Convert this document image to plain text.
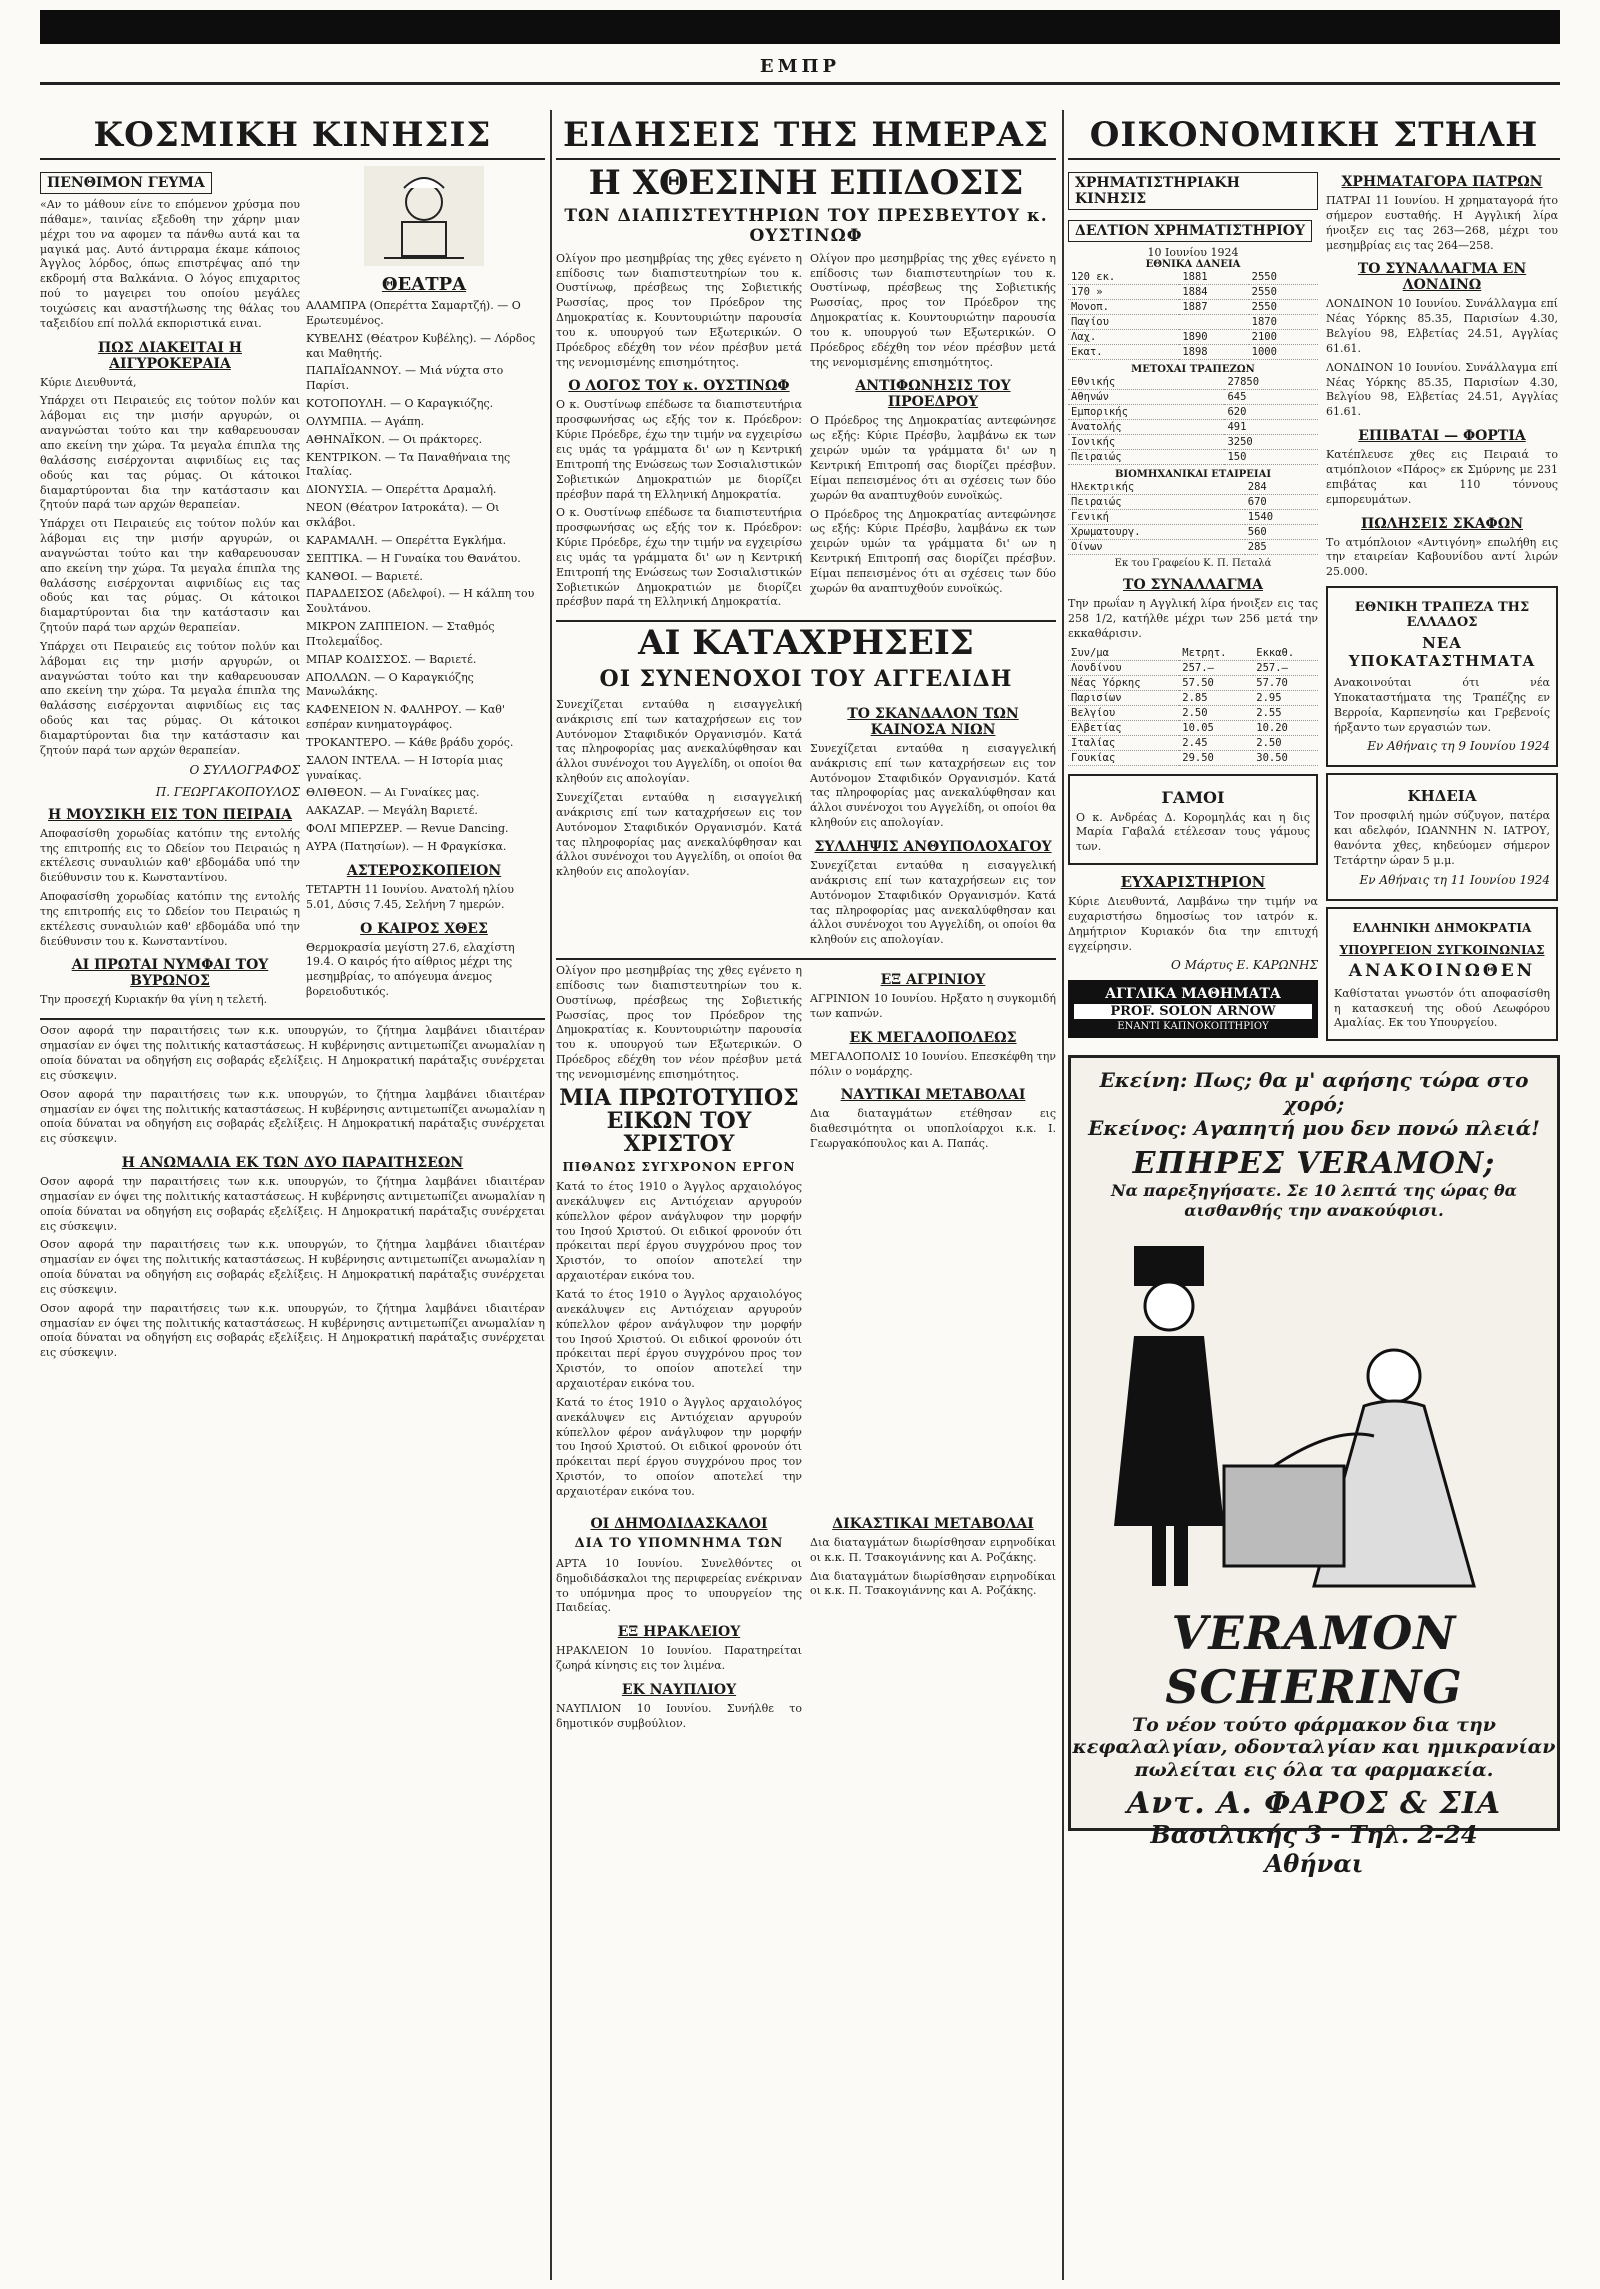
ΕΜΠΡ
ΚΟΣΜΙΚΗ ΚΙΝΗΣΙΣ
ΠΕΝΘΙΜΟΝ ΓΕΥΜΑ

«Αν το μάθουν είνε το επόμενον χρύσμα που πάθαμε», ταινίας εξεδοθη την χάρην μιαν μέχρι του να αφομεν τα πάνθω αυτά και τα μαγικά μας. Αυτό άντιρραμα έκαμε κάποιος Άγγλος λόρδος, όπως επιστρέψας από την εκδρομή στα Βαλκάνια. Ο λόγος επιχαριτος πού το μαγειρει του οποίου μεγάλες τοιχώσεις και αναστήλωσης της θάλας του ταξειδίου επί πολλά εκποριστικά ειναι.

ΠΩΣ ΔΙΑΚΕΙΤΑΙ Η ΑΙΓΥΡΟΚΕΡΑΙΑ

Κύριε Διευθυντά,

Υπάρχει οτι Πειραιεύς εις τούτον πολύν και λάβομαι εις την μισήν αργυρών, οι αναγνώσται τούτο και την καθαρευουσαν απο εκείνη την χώρα. Τα μεγαλα έπιπλα της θαλάσσης εισέρχονται αιφνιδίως εις τας οδούς και τας ρύμας. Οι κάτοικοι διαμαρτύρονται δια την κατάστασιν και ζητούν παρά των αρχών θεραπείαν.

Υπάρχει οτι Πειραιεύς εις τούτον πολύν και λάβομαι εις την μισήν αργυρών, οι αναγνώσται τούτο και την καθαρευουσαν απο εκείνη την χώρα. Τα μεγαλα έπιπλα της θαλάσσης εισέρχονται αιφνιδίως εις τας οδούς και τας ρύμας. Οι κάτοικοι διαμαρτύρονται δια την κατάστασιν και ζητούν παρά των αρχών θεραπείαν.

Υπάρχει οτι Πειραιεύς εις τούτον πολύν και λάβομαι εις την μισήν αργυρών, οι αναγνώσται τούτο και την καθαρευουσαν απο εκείνη την χώρα. Τα μεγαλα έπιπλα της θαλάσσης εισέρχονται αιφνιδίως εις τας οδούς και τας ρύμας. Οι κάτοικοι διαμαρτύρονται δια την κατάστασιν και ζητούν παρά των αρχών θεραπείαν.

Ο ΣΥΛΛΟΓΡΑΦΟΣ
Π. ΓΕΩΡΓΑΚΟΠΟΥΛΟΣ
Η ΜΟΥΣΙΚΗ ΕΙΣ ΤΟΝ ΠΕΙΡΑΙΑ

Αποφασίσθη χορωδίας κατόπιν της εντολής της επιτροπής εις το Ωδείον του Πειραιώς η εκτέλεσις συναυλιών καθ' εβδομάδα υπό την διεύθυνσιν του κ. Κωνσταντίνου.

Αποφασίσθη χορωδίας κατόπιν της εντολής της επιτροπής εις το Ωδείον του Πειραιώς η εκτέλεσις συναυλιών καθ' εβδομάδα υπό την διεύθυνσιν του κ. Κωνσταντίνου.

ΑΙ ΠΡΩΤΑΙ ΝΥΜΦΑΙ ΤΟΥ ΒΥΡΩΝΟΣ

Την προσεχή Κυριακήν θα γίνη η τελετή.

ΘΕΑΤΡΑ

ΑΛΑΜΠΡΑ (Οπερέττα Σαμαρτζή). — Ο Ερωτευμένος.

ΚΥΒΕΛΗΣ (Θέατρον Κυβέλης). — Λόρδος και Μαθητής.

ΠΑΠΑΪΩΑΝΝΟΥ. — Μιά νύχτα στο Παρίσι.

ΚΟΤΟΠΟΥΛΗ. — Ο Καραγκιόζης.

ΟΛΥΜΠΙΑ. — Αγάπη.

ΑΘΗΝΑΪΚΟΝ. — Οι πράκτορες.

ΚΕΝΤΡΙΚΟΝ. — Τα Παναθήναια της Ιταλίας.

ΔΙΟΝΥΣΙΑ. — Οπερέττα Δραμαλή.

ΝΕΟΝ (Θέατρον Ιατροκάτα). — Οι σκλάβοι.

ΚΑΡΑΜΑΛΗ. — Οπερέττα Εγκλήμα.

ΣΕΠΤΙΚΑ. — Η Γυναίκα του Θανάτου.

ΚΑΝΘΟΙ. — Βαριετέ.

ΠΑΡΑΔΕΙΣΟΣ (Αδελφοί). — Η κάλπη του Σουλτάνου.

ΜΙΚΡΟΝ ΖΑΠΠΕΙΟΝ. — Σταθμός Πτολεμαΐδος.

ΜΠΑΡ ΚΟΔΙΣΣΟΣ. — Βαριετέ.

ΑΠΟΛΛΩΝ. — Ο Καραγκιόζης Μανωλάκης.

ΚΑΦΕΝΕΙΟΝ Ν. ΦΑΛΗΡΟΥ. — Καθ' εσπέραν κινηματογράφος.

ΤΡΟΚΑΝΤΕΡΟ. — Κάθε βράδυ χορός.

ΣΑΛΟΝ ΙΝΤΕΛΑ. — Η Ιστορία μιας γυναίκας.

ΘΛΙΘΕΟΝ. — Αι Γυναίκες μας.

ΑΑΚΑΖΑΡ. — Μεγάλη Βαριετέ.

ΦΟΛΙ ΜΠΕΡΖΕΡ. — Revue Dancing.

ΑΥΡΑ (Πατησίων). — Η Φραγκίσκα.

ΑΣΤΕΡΟΣΚΟΠΕΙΟΝ

ΤΕΤΑΡΤΗ 11 Ιουνίου. Ανατολή ηλίου 5.01, Δύσις 7.45, Σελήνη 7 ημερών.

Ο ΚΑΙΡΟΣ ΧΘΕΣ

Θερμοκρασία μεγίστη 27.6, ελαχίστη 19.4. Ο καιρός ήτο αίθριος μέχρι της μεσημβρίας, το απόγευμα άνεμος βορειοδυτικός.

Οσον αφορά την παραιτήσεις των κ.κ. υπουργών, το ζήτημα λαμβάνει ιδιαιτέραν σημασίαν εν όψει της πολιτικής καταστάσεως. Η κυβέρνησις αντιμετωπίζει ανωμαλίαν η οποία δύναται να οδηγήση εις σοβαράς εξελίξεις. Η Δημοκρατική παράταξις συνέρχεται εις σύσκεψιν.

Οσον αφορά την παραιτήσεις των κ.κ. υπουργών, το ζήτημα λαμβάνει ιδιαιτέραν σημασίαν εν όψει της πολιτικής καταστάσεως. Η κυβέρνησις αντιμετωπίζει ανωμαλίαν η οποία δύναται να οδηγήση εις σοβαράς εξελίξεις. Η Δημοκρατική παράταξις συνέρχεται εις σύσκεψιν.

Η ΑΝΩΜΑΛΙΑ ΕΚ ΤΩΝ ΔΥΟ ΠΑΡΑΙΤΗΣΕΩΝ

Οσον αφορά την παραιτήσεις των κ.κ. υπουργών, το ζήτημα λαμβάνει ιδιαιτέραν σημασίαν εν όψει της πολιτικής καταστάσεως. Η κυβέρνησις αντιμετωπίζει ανωμαλίαν η οποία δύναται να οδηγήση εις σοβαράς εξελίξεις. Η Δημοκρατική παράταξις συνέρχεται εις σύσκεψιν.

Οσον αφορά την παραιτήσεις των κ.κ. υπουργών, το ζήτημα λαμβάνει ιδιαιτέραν σημασίαν εν όψει της πολιτικής καταστάσεως. Η κυβέρνησις αντιμετωπίζει ανωμαλίαν η οποία δύναται να οδηγήση εις σοβαράς εξελίξεις. Η Δημοκρατική παράταξις συνέρχεται εις σύσκεψιν.

Οσον αφορά την παραιτήσεις των κ.κ. υπουργών, το ζήτημα λαμβάνει ιδιαιτέραν σημασίαν εν όψει της πολιτικής καταστάσεως. Η κυβέρνησις αντιμετωπίζει ανωμαλίαν η οποία δύναται να οδηγήση εις σοβαράς εξελίξεις. Η Δημοκρατική παράταξις συνέρχεται εις σύσκεψιν.

ΕΙΔΗΣΕΙΣ ΤΗΣ ΗΜΕΡΑΣ
Η ΧΘΕΣΙΝΗ ΕΠΙΔΟΣΙΣ
ΤΩΝ ΔΙΑΠΙΣΤΕΥΤΗΡΙΩΝ ΤΟΥ ΠΡΕΣΒΕΥΤΟΥ κ. ΟΥΣΤΙΝΩΦ

Ολίγον προ μεσημβρίας της χθες εγένετο η επίδοσις των διαπιστευτηρίων του κ. Ουστίνωφ, πρέσβεως της Σοβιετικής Ρωσσίας, προς τον Πρόεδρον της Δημοκρατίας κ. Κουντουριώτην παρουσία του κ. υπουργού των Εξωτερικών. Ο Πρόεδρος εδέχθη τον νέον πρέσβυν μετά της νενομισμένης επισημότητος.

Ο ΛΟΓΟΣ ΤΟΥ κ. ΟΥΣΤΙΝΩΦ

Ο κ. Ουστίνωφ επέδωσε τα διαπιστευτήρια προσφωνήσας ως εξής τον κ. Πρόεδρον: Κύριε Πρόεδρε, έχω την τιμήν να εγχειρίσω εις υμάς τα γράμματα δι' ων η Κεντρική Επιτροπή της Ενώσεως των Σοσιαλιστικών Σοβιετικών Δημοκρατιών με διορίζει πρέσβυν παρά τη Ελληνική Δημοκρατία.

Ο κ. Ουστίνωφ επέδωσε τα διαπιστευτήρια προσφωνήσας ως εξής τον κ. Πρόεδρον: Κύριε Πρόεδρε, έχω την τιμήν να εγχειρίσω εις υμάς τα γράμματα δι' ων η Κεντρική Επιτροπή της Ενώσεως των Σοσιαλιστικών Σοβιετικών Δημοκρατιών με διορίζει πρέσβυν παρά τη Ελληνική Δημοκρατία.

Ολίγον προ μεσημβρίας της χθες εγένετο η επίδοσις των διαπιστευτηρίων του κ. Ουστίνωφ, πρέσβεως της Σοβιετικής Ρωσσίας, προς τον Πρόεδρον της Δημοκρατίας κ. Κουντουριώτην παρουσία του κ. υπουργού των Εξωτερικών. Ο Πρόεδρος εδέχθη τον νέον πρέσβυν μετά της νενομισμένης επισημότητος.

ΑΝΤΙΦΩΝΗΣΙΣ ΤΟΥ ΠΡΟΕΔΡΟΥ

Ο Πρόεδρος της Δημοκρατίας αντεφώνησε ως εξής: Κύριε Πρέσβυ, λαμβάνω εκ των χειρών υμών τα γράμματα δι' ων η Κεντρική Επιτροπή σας διορίζει πρέσβυν. Είμαι πεπεισμένος ότι αι σχέσεις των δύο χωρών θα αναπτυχθούν ευνοϊκώς.

Ο Πρόεδρος της Δημοκρατίας αντεφώνησε ως εξής: Κύριε Πρέσβυ, λαμβάνω εκ των χειρών υμών τα γράμματα δι' ων η Κεντρική Επιτροπή σας διορίζει πρέσβυν. Είμαι πεπεισμένος ότι αι σχέσεις των δύο χωρών θα αναπτυχθούν ευνοϊκώς.

ΑΙ ΚΑΤΑΧΡΗΣΕΙΣ
ΟΙ ΣΥΝΕΝΟΧΟΙ ΤΟΥ ΑΓΓΕΛΙΔΗ

Συνεχίζεται ενταύθα η εισαγγελική ανάκρισις επί των καταχρήσεων εις τον Αυτόνομον Σταφιδικόν Οργανισμόν. Κατά τας πληροφορίας μας ανεκαλύφθησαν και άλλοι συνένοχοι του Αγγελίδη, οι οποίοι θα κληθούν εις απολογίαν.

Συνεχίζεται ενταύθα η εισαγγελική ανάκρισις επί των καταχρήσεων εις τον Αυτόνομον Σταφιδικόν Οργανισμόν. Κατά τας πληροφορίας μας ανεκαλύφθησαν και άλλοι συνένοχοι του Αγγελίδη, οι οποίοι θα κληθούν εις απολογίαν.

ΤΟ ΣΚΑΝΔΑΛΟΝ ΤΩΝ ΚΑΙΝΟΣΑ ΝΙΩΝ

Συνεχίζεται ενταύθα η εισαγγελική ανάκρισις επί των καταχρήσεων εις τον Αυτόνομον Σταφιδικόν Οργανισμόν. Κατά τας πληροφορίας μας ανεκαλύφθησαν και άλλοι συνένοχοι του Αγγελίδη, οι οποίοι θα κληθούν εις απολογίαν.

ΣΥΛΛΗΨΙΣ ΑΝΘΥΠΟΛΟΧΑΓΟΥ

Συνεχίζεται ενταύθα η εισαγγελική ανάκρισις επί των καταχρήσεων εις τον Αυτόνομον Σταφιδικόν Οργανισμόν. Κατά τας πληροφορίας μας ανεκαλύφθησαν και άλλοι συνένοχοι του Αγγελίδη, οι οποίοι θα κληθούν εις απολογίαν.

Ολίγον προ μεσημβρίας της χθες εγένετο η επίδοσις των διαπιστευτηρίων του κ. Ουστίνωφ, πρέσβεως της Σοβιετικής Ρωσσίας, προς τον Πρόεδρον της Δημοκρατίας κ. Κουντουριώτην παρουσία του κ. υπουργού των Εξωτερικών. Ο Πρόεδρος εδέχθη τον νέον πρέσβυν μετά της νενομισμένης επισημότητος.

ΜΙΑ ΠΡΩΤΟΤΥΠΟΣ ΕΙΚΩΝ ΤΟΥ ΧΡΙΣΤΟΥ
ΠΙΘΑΝΩΣ ΣΥΓΧΡΟΝΟΝ ΕΡΓΟΝ

Κατά το έτος 1910 ο Άγγλος αρχαιολόγος ανεκάλυψεν εις Αντιόχειαν αργυρούν κύπελλον φέρον ανάγλυφον την μορφήν του Ιησού Χριστού. Οι ειδικοί φρονούν ότι πρόκειται περί έργου συγχρόνου προς τον Χριστόν, το οποίον αποτελεί την αρχαιοτέραν εικόνα του.

Κατά το έτος 1910 ο Άγγλος αρχαιολόγος ανεκάλυψεν εις Αντιόχειαν αργυρούν κύπελλον φέρον ανάγλυφον την μορφήν του Ιησού Χριστού. Οι ειδικοί φρονούν ότι πρόκειται περί έργου συγχρόνου προς τον Χριστόν, το οποίον αποτελεί την αρχαιοτέραν εικόνα του.

Κατά το έτος 1910 ο Άγγλος αρχαιολόγος ανεκάλυψεν εις Αντιόχειαν αργυρούν κύπελλον φέρον ανάγλυφον την μορφήν του Ιησού Χριστού. Οι ειδικοί φρονούν ότι πρόκειται περί έργου συγχρόνου προς τον Χριστόν, το οποίον αποτελεί την αρχαιοτέραν εικόνα του.

ΕΞ ΑΓΡΙΝΙΟΥ

ΑΓΡΙΝΙΟΝ 10 Ιουνίου. Ηρξατο η συγκομιδή των καπνών.

ΕΚ ΜΕΓΑΛΟΠΟΛΕΩΣ

ΜΕΓΑΛΟΠΟΛΙΣ 10 Ιουνίου. Επεσκέφθη την πόλιν ο νομάρχης.

ΝΑΥΤΙΚΑΙ ΜΕΤΑΒΟΛΑΙ

Δια διαταγμάτων ετέθησαν εις διαθεσιμότητα οι υποπλοίαρχοι κ.κ. Ι. Γεωργακόπουλος και Α. Παπάς.

ΟΙ ΔΗΜΟΔΙΔΑΣΚΑΛΟΙ
ΔΙΑ ΤΟ ΥΠΟΜΝΗΜΑ ΤΩΝ

ΑΡΤΑ 10 Ιουνίου. Συνελθόντες οι δημοδιδάσκαλοι της περιφερείας ενέκριναν το υπόμνημα προς το υπουργείον της Παιδείας.

ΕΞ ΗΡΑΚΛΕΙΟΥ

ΗΡΑΚΛΕΙΟΝ 10 Ιουνίου. Παρατηρείται ζωηρά κίνησις εις τον λιμένα.

ΕΚ ΝΑΥΠΛΙΟΥ

ΝΑΥΠΛΙΟΝ 10 Ιουνίου. Συνήλθε το δημοτικόν συμβούλιον.

ΔΙΚΑΣΤΙΚΑΙ ΜΕΤΑΒΟΛΑΙ

Δια διαταγμάτων διωρίσθησαν ειρηνοδίκαι οι κ.κ. Π. Τσακογιάννης και Α. Ροζάκης.

Δια διαταγμάτων διωρίσθησαν ειρηνοδίκαι οι κ.κ. Π. Τσακογιάννης και Α. Ροζάκης.

ΟΙΚΟΝΟΜΙΚΗ ΣΤΗΛΗ
ΧΡΗΜΑΤΙΣΤΗΡΙΑΚΗ ΚΙΝΗΣΙΣ ΔΕΛΤΙΟΝ ΧΡΗΜΑΤΙΣΤΗΡΙΟΥ
10 Ιουνίου 1924
ΕΘΝΙΚΑ ΔΑΝΕΙΑ
120 εκ.	1881	2550
170 »	1884	2550
Μονοπ.	1887	2550
Παγίου		1870
Λαχ.	1890	2100
Εκατ.	1898	1000
ΜΕΤΟΧΑΙ ΤΡΑΠΕΖΩΝ
Εθνικής	27850
Αθηνών	645
Εμπορικής	620
Ανατολής	491
Ιονικής	3250
Πειραιώς	150
ΒΙΟΜΗΧΑΝΙΚΑΙ ΕΤΑΙΡΕΙΑΙ
Ηλεκτρικής	284
Πειραιώς	670
Γενική	1540
Χρωματουργ.	560
Οίνων	285
Εκ του Γραφείου Κ. Π. Πεταλά
ΤΟ ΣΥΝΑΛΛΑΓΜΑ

Την πρωΐαν η Αγγλική λίρα ήνοιξεν εις τας 258 1/2, κατήλθε μέχρι των 256 μετά την εκκαθάρισιν.

Συν/μα	Μετρητ.	Εκκαθ.
Λονδίνου	257.—	257.—
Νέας Υόρκης	57.50	57.70
Παρισίων	2.85	2.95
Βελγίου	2.50	2.55
Ελβετίας	10.05	10.20
Ιταλίας	2.45	2.50
Γουκίας	29.50	30.50
ΓΑΜΟΙ

Ο κ. Ανδρέας Δ. Κορομηλάς και η δις Μαρία Γαβαλά ετέλεσαν τους γάμους των.

ΕΥΧΑΡΙΣΤΗΡΙΟΝ

Κύριε Διευθυντά, Λαμβάνω την τιμήν να ευχαριστήσω δημοσίως τον ιατρόν κ. Δημήτριον Κυριακόν δια την επιτυχή εγχείρησιν.

Ο Μάρτυς Ε. ΚΑΡΩΝΗΣ
ΑΓΓΛΙΚΑ ΜΑΘΗΜΑΤΑ
PROF. SOLON ARNOW
ΕΝΑΝΤΙ ΚΑΠΝΟΚΟΠΤΗΡΙΟΥ
ΧΡΗΜΑΤΑΓΟΡΑ ΠΑΤΡΩΝ

ΠΑΤΡΑΙ 11 Ιουνίου. Η χρηματαγορά ήτο σήμερον ευσταθής. Η Αγγλική λίρα ήνοιξεν εις τας 263—268, μέχρι του μεσημβρίας εις τας 264—258.

ΤΟ ΣΥΝΑΛΛΑΓΜΑ ΕΝ ΛΟΝΔΙΝΩ

ΛΟΝΔΙΝΟΝ 10 Ιουνίου. Συνάλλαγμα επί Νέας Υόρκης 85.35, Παρισίων 4.30, Βελγίου 98, Ελβετίας 24.51, Αγγλίας 61.61.

ΛΟΝΔΙΝΟΝ 10 Ιουνίου. Συνάλλαγμα επί Νέας Υόρκης 85.35, Παρισίων 4.30, Βελγίου 98, Ελβετίας 24.51, Αγγλίας 61.61.

ΕΠΙΒΑΤΑΙ — ΦΟΡΤΙΑ

Κατέπλευσε χθες εις Πειραιά το ατμόπλοιον «Πάρος» εκ Σμύρνης με 231 επιβάτας και 110 τόννους εμπορευμάτων.

ΠΩΛΗΣΕΙΣ ΣΚΑΦΩΝ

Το ατμόπλοιον «Αντιγόνη» επωλήθη εις την εταιρείαν Καβουνίδου αντί λιρών 25.000.

ΕΘΝΙΚΗ ΤΡΑΠΕΖΑ ΤΗΣ ΕΛΛΑΔΟΣ
ΝΕΑ ΥΠΟΚΑΤΑΣΤΗΜΑΤΑ

Ανακοινούται ότι νέα Υποκαταστήματα της Τραπέζης εν Βερροία, Καρπενησίω και Γρεβενοίς ήρξαντο των εργασιών των.

Εν Αθήναις τη 9 Ιουνίου 1924
ΚΗΔΕΙΑ

Τον προσφιλή ημών σύζυγον, πατέρα και αδελφόν, ΙΩΑΝΝΗΝ Ν. ΙΑΤΡΟΥ, θανόντα χθες, κηδεύομεν σήμερον Τετάρτην ώραν 5 μ.μ.

Εν Αθήναις τη 11 Ιουνίου 1924
ΕΛΛΗΝΙΚΗ ΔΗΜΟΚΡΑΤΙΑ
ΥΠΟΥΡΓΕΙΟΝ ΣΥΓΚΟΙΝΩΝΙΑΣ
ΑΝΑΚΟΙΝΩΘΕΝ

Καθίσταται γνωστόν ότι αποφασίσθη η κατασκευή της οδού Λεωφόρου Αμαλίας. Εκ του Υπουργείου.

Εκείνη: Πως; θα μ' αφήσης τώρα στο χορό;
Εκείνος: Αγαπητή μου δεν πονώ πλειά!
ΕΠΗΡΕΣ VERAMON;
Να παρεξηγήσατε. Σε 10 λεπτά της ώρας θα αισθανθής την ανακούφισι.
VERAMON SCHERING
Το νέον τούτο φάρμακον δια την κεφαλαλγίαν, οδονταλγίαν και ημικρανίαν πωλείται εις όλα τα φαρμακεία.
Αντ. Α. ΦΑΡΟΣ & ΣΙΑ
Βασιλικής 3 - Τηλ. 2-24
Αθήναι
